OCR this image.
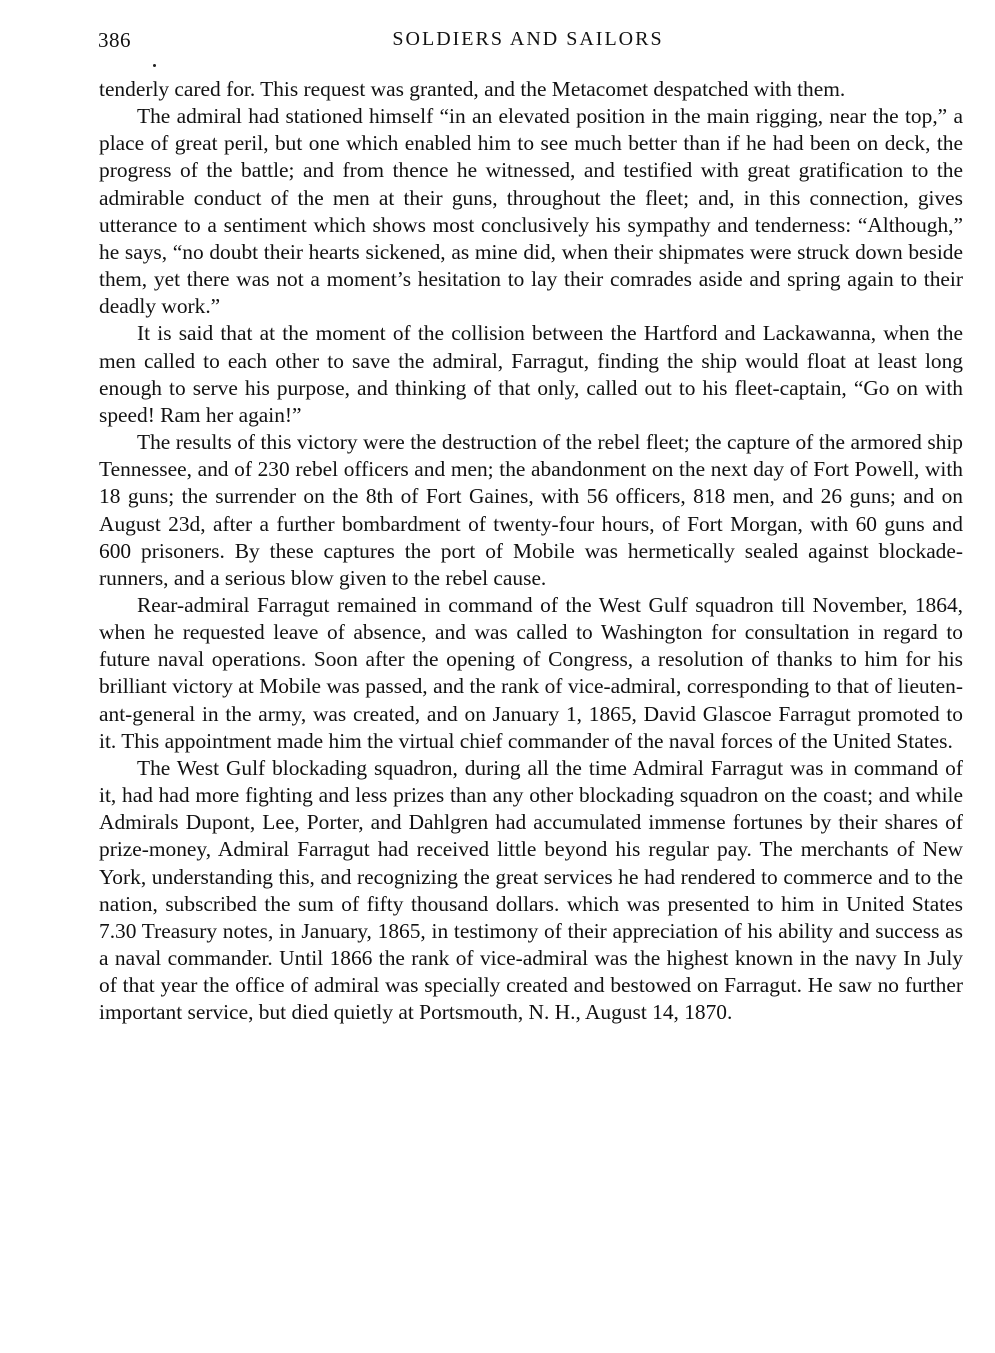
386	SOLDIERS AND SAILORS

tenderly cared for. This request was granted, and the Metacomet despatched with them.

The admiral had stationed himself “in an elevated position in the main rigging, near the top,” a place of great peril, but one which enabled him to see much better than if he had been on deck, the progress of the battle; and from thence he witnessed, and testified with great gratification to the admirable conduct of the men at their guns, throughout the fleet; and, in this connection, gives utterance to a sentiment which shows most conclusively his sympathy and tenderness: “Although,” he says, “no doubt their hearts sickened, as mine did, when their shipmates were struck down beside them, yet there was not a moment’s hesitation to lay their comrades aside and spring again to their deadly work.”

It is said that at the moment of the collision between the Hartford and Lackawanna, when the men called to each other to save the admiral, Farragut, finding the ship would float at least long enough to serve his purpose, and thinking of that only, called out to his fleet-captain, “Go on with speed! Ram her again!”

The results of this victory were the destruction of the rebel fleet; the capture of the armored ship Tennessee, and of 230 rebel officers and men; the abandonment on the next day of Fort Powell, with 18 guns; the surrender on the 8th of Fort Gaines, with 56 officers, 818 men, and 26 guns; and on August 23d, after a further bombardment of twenty-four hours, of Fort Morgan, with 60 guns and 600 prisoners. By these captures the port of Mobile was hermetically sealed against blockade-runners, and a serious blow given to the rebel cause.

Rear-admiral Farragut remained in command of the West Gulf squadron till November, 1864, when he requested leave of absence, and was called to Washington for consultation in regard to future naval operations. Soon after the opening of Congress, a resolution of thanks to him for his brilliant victory at Mobile was passed, and the rank of vice-admiral, corresponding to that of lieutenant-general in the army, was created, and on January 1, 1865, David Glascoe Farragut promoted to it. This appointment made him the virtual chief commander of the naval forces of the United States.

The West Gulf blockading squadron, during all the time Admiral Farragut was in command of it, had had more fighting and less prizes than any other blockading squadron on the coast; and while Admirals Dupont, Lee, Porter, and Dahlgren had accumulated immense fortunes by their shares of prize-money, Admiral Farragut had received little beyond his regular pay. The merchants of New York, understanding this, and recognizing the great services he had rendered to commerce and to the nation, subscribed the sum of fifty thousand dollars. which was presented to him in United States 7.30 Treasury notes, in January, 1865, in testimony of their appreciation of his ability and success as a naval commander. Until 1866 the rank of vice-admiral was the highest known in the navy In July of that year the office of admiral was specially created and bestowed on Farragut. He saw no further important service, but died quietly at Portsmouth, N. H., August 14, 1870.
